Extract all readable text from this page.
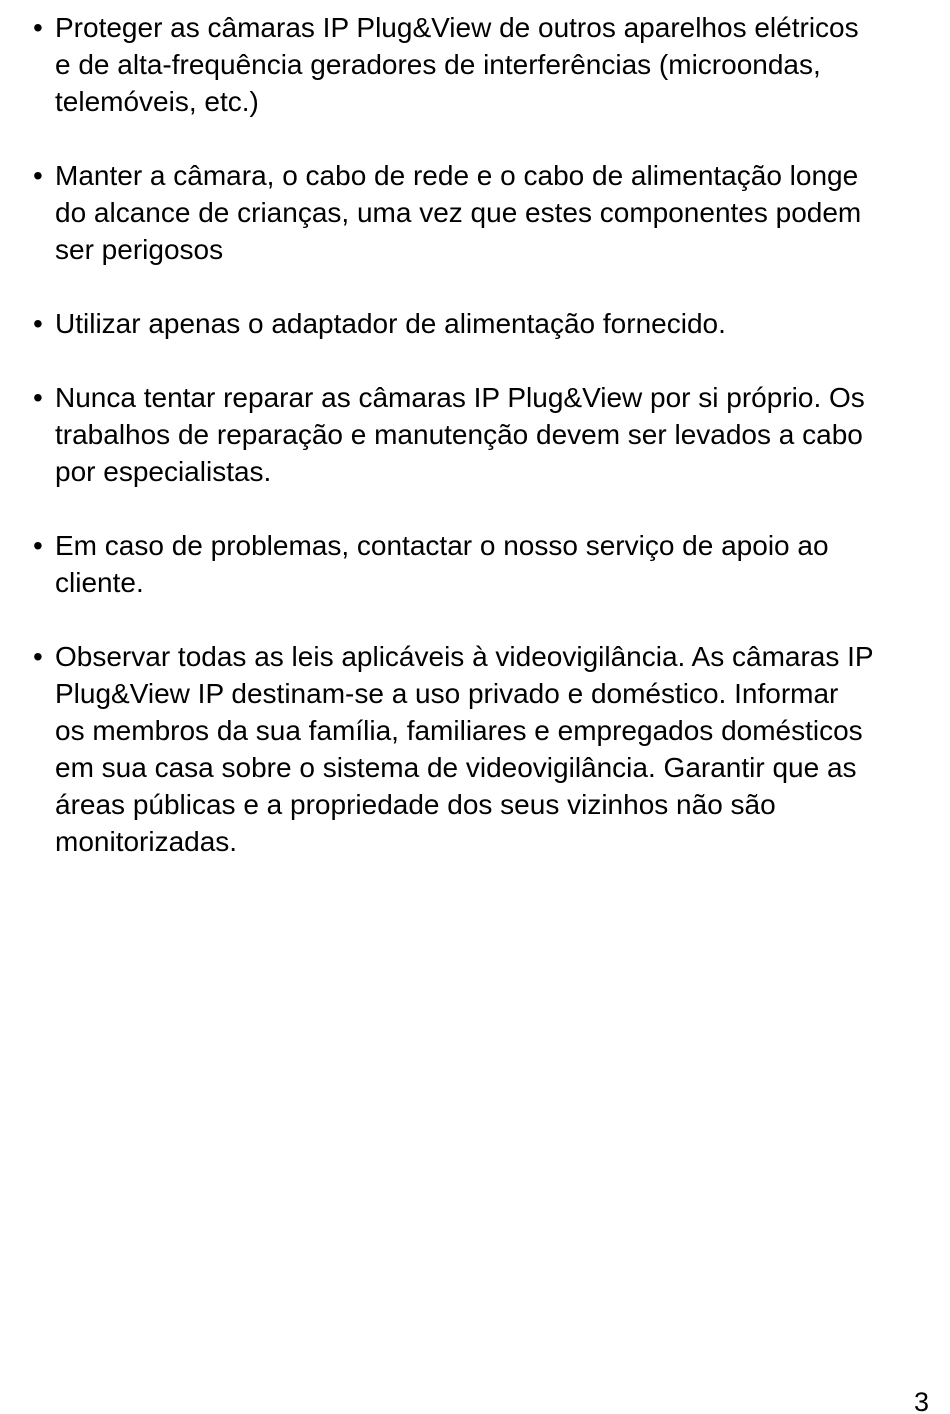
• Proteger as câmaras IP Plug&View de outros aparelhos elétricos
e de alta-frequência geradores de interferências (microondas,
telemóveis, etc.)
• Manter a câmara, o cabo de rede e o cabo de alimentação longe
do alcance de crianças, uma vez que estes componentes podem
ser perigosos
• Utilizar apenas o adaptador de alimentação fornecido.
• Nunca tentar reparar as câmaras IP Plug&View por si próprio. Os
trabalhos de reparação e manutenção devem ser levados a cabo
por especialistas.
• Em caso de problemas, contactar o nosso serviço de apoio ao
cliente.
• Observar todas as leis aplicáveis à videovigilância. As câmaras IP
Plug&View IP destinam-se a uso privado e doméstico. Informar
os membros da sua família, familiares e empregados domésticos
em sua casa sobre o sistema de videovigilância. Garantir que as
áreas públicas e a propriedade dos seus vizinhos não são
monitorizadas.
3
